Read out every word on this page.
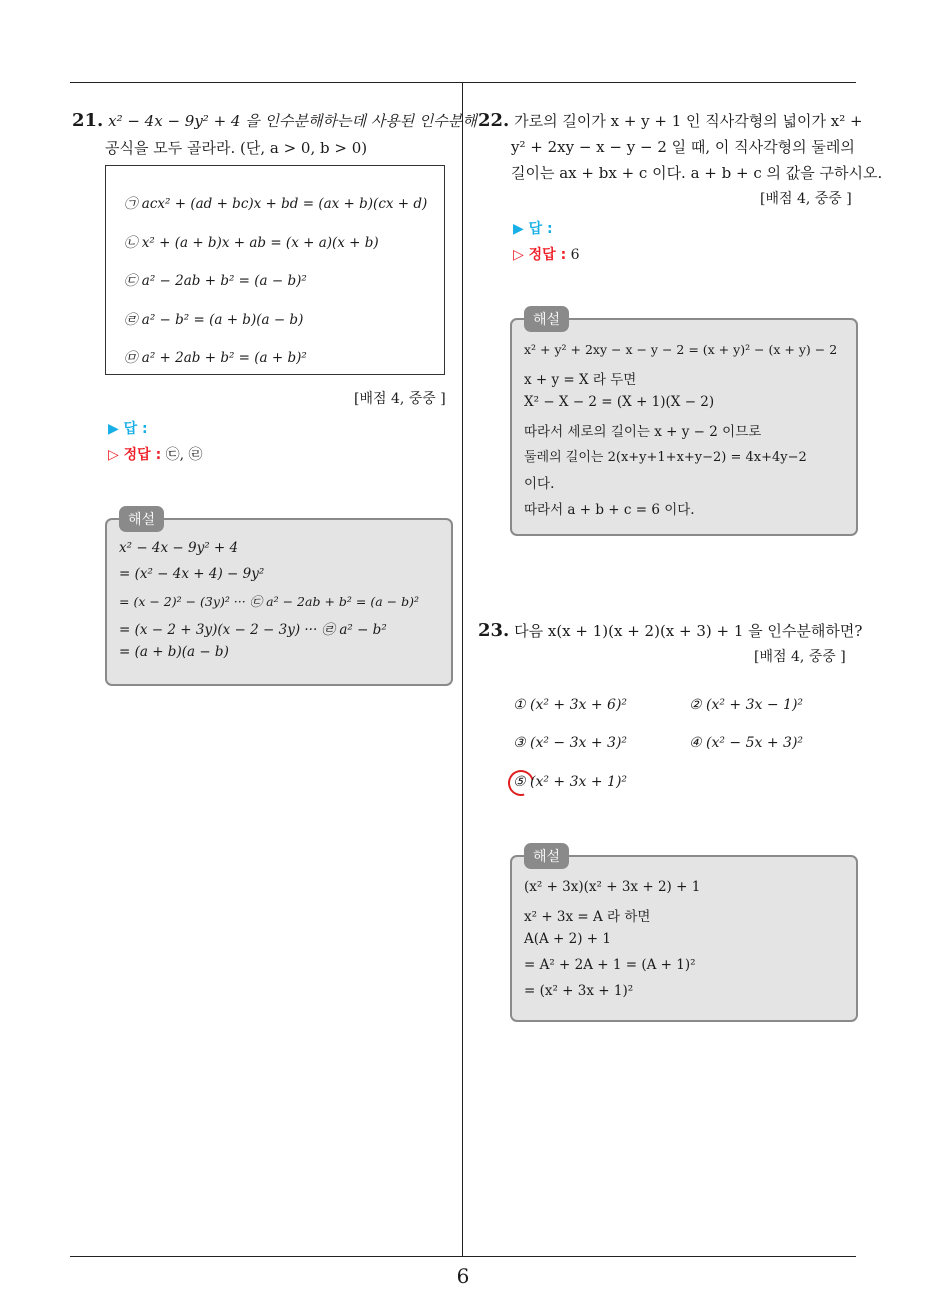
21. x² − 4x − 9y² + 4 을 인수분해하는데 사용된 인수분해
공식을 모두 골라라. (단, a > 0, b > 0)
㉠ acx² + (ad + bc)x + bd = (ax + b)(cx + d)
㉡ x² + (a + b)x + ab = (x + a)(x + b)
㉢ a² − 2ab + b² = (a − b)²
㉣ a² − b² = (a + b)(a − b)
㉤ a² + 2ab + b² = (a + b)²
[배점 4, 중중 ]
▶ 답 :
▷ 정답 : ㉢, ㉣
해설
x² − 4x − 9y² + 4
= (x² − 4x + 4) − 9y²
= (x − 2)² − (3y)² ··· ㉢ a² − 2ab + b² = (a − b)²
= (x − 2 + 3y)(x − 2 − 3y) ··· ㉣ a² − b²
= (a + b)(a − b)
22. 가로의 길이가 x + y + 1 인 직사각형의 넓이가 x² +
y² + 2xy − x − y − 2 일 때, 이 직사각형의 둘레의
길이는 ax + bx + c 이다. a + b + c 의 값을 구하시오.
[배점 4, 중중 ]
▶ 답 :
▷ 정답 : 6
해설
x² + y² + 2xy − x − y − 2 = (x + y)² − (x + y) − 2
x + y = X 라 두면
X² − X − 2 = (X + 1)(X − 2)
따라서 세로의 길이는 x + y − 2 이므로
둘레의 길이는 2(x+y+1+x+y−2) = 4x+4y−2
이다.
따라서 a + b + c = 6 이다.
23. 다음 x(x + 1)(x + 2)(x + 3) + 1 을 인수분해하면?
[배점 4, 중중 ]
① (x² + 3x + 6)²	② (x² + 3x − 1)²
③ (x² − 3x + 3)²	④ (x² − 5x + 3)²
⑤ (x² + 3x + 1)²
해설
(x² + 3x)(x² + 3x + 2) + 1
x² + 3x = A 라 하면
A(A + 2) + 1
= A² + 2A + 1 = (A + 1)²
= (x² + 3x + 1)²
6
